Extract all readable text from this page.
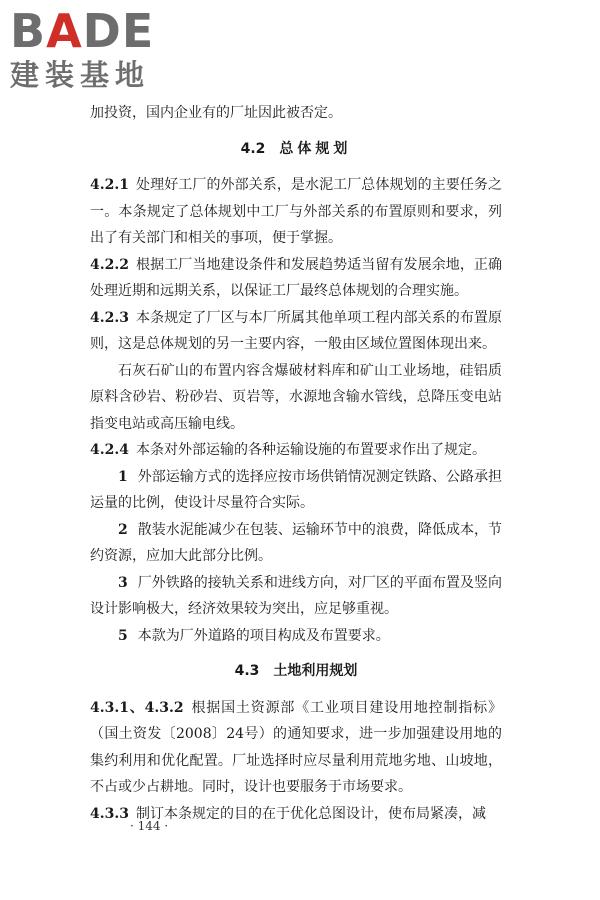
BADE
建装基地

加投资，国内企业有的厂址因此被否定。

4.2 总体规划

4.2.1 处理好工厂的外部关系，是水泥工厂总体规划的主要任务之一。本条规定了总体规划中工厂与外部关系的布置原则和要求，列出了有关部门和相关的事项，便于掌握。

4.2.2 根据工厂当地建设条件和发展趋势适当留有发展余地，正确处理近期和远期关系，以保证工厂最终总体规划的合理实施。

4.2.3 本条规定了厂区与本厂所属其他单项工程内部关系的布置原则，这是总体规划的另一主要内容，一般由区域位置图体现出来。

石灰石矿山的布置内容含爆破材料库和矿山工业场地，硅铝质原料含砂岩、粉砂岩、页岩等，水源地含输水管线，总降压变电站指变电站或高压输电线。

4.2.4 本条对外部运输的各种运输设施的布置要求作出了规定。

1 外部运输方式的选择应按市场供销情况测定铁路、公路承担运量的比例，使设计尽量符合实际。

2 散装水泥能减少在包装、运输环节中的浪费，降低成本，节约资源，应加大此部分比例。

3 厂外铁路的接轨关系和进线方向，对厂区的平面布置及竖向设计影响极大，经济效果较为突出，应足够重视。

5 本款为厂外道路的项目构成及布置要求。

4.3 土地利用规划

4.3.1、4.3.2 根据国土资源部《工业项目建设用地控制指标》（国土资发〔2008〕24号）的通知要求，进一步加强建设用地的集约利用和优化配置。厂址选择时应尽量利用荒地劣地、山坡地，不占或少占耕地。同时，设计也要服务于市场要求。

4.3.3 制订本条规定的目的在于优化总图设计，使布局紧凑，减

· 144 ·
